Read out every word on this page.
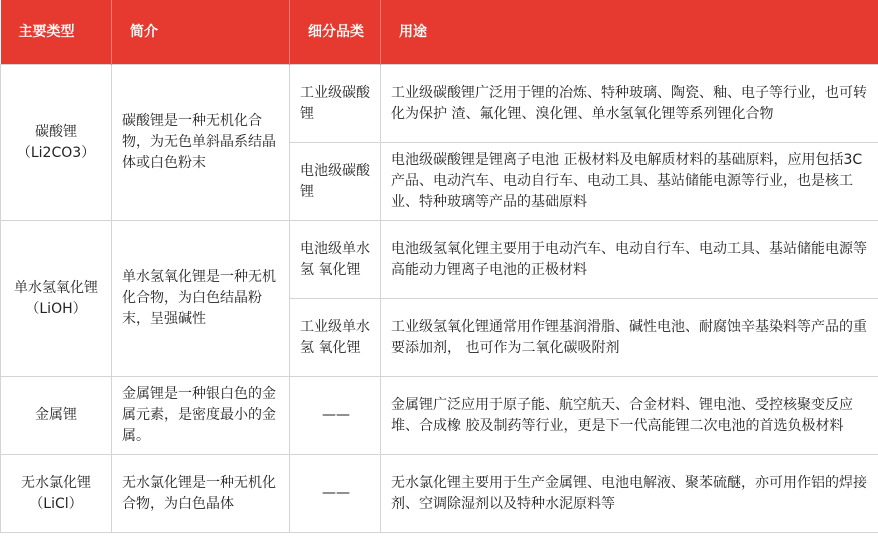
主要类型	简介	细分品类	用途
碳酸锂（Li2CO3）	碳酸锂是一种无机化合物，为无色单斜晶系结晶体或白色粉末	工业级碳酸锂	工业级碳酸锂广泛用于锂的冶炼、特种玻璃、陶瓷、釉、电子等行业，也可转化为保护 渣、氟化锂、溴化锂、单水氢氧化锂等系列锂化合物
		电池级碳酸锂	电池级碳酸锂是锂离子电池 正极材料及电解质材料的基础原料，应用包括3C产品、电动汽车、电动自行车、电动工具、基站储能电源等行业，也是核工业、特种玻璃等产品的基础原料
单水氢氧化锂（LiOH）	单水氢氧化锂是一种无机化合物，为白色结晶粉末，呈强碱性	电池级单水氢 氧化锂	电池级氢氧化锂主要用于电动汽车、电动自行车、电动工具、基站储能电源等高能动力锂离子电池的正极材料
		工业级单水氢 氧化锂	工业级氢氧化锂通常用作锂基润滑脂、碱性电池、耐腐蚀辛基染料等产品的重要添加剂， 也可作为二氧化碳吸附剂
金属锂	金属锂是一种银白色的金属元素，是密度最小的金属。	——	金属锂广泛应用于原子能、航空航天、合金材料、锂电池、受控核聚变反应堆、合成橡 胶及制药等行业，更是下一代高能锂二次电池的首选负极材料
无水氯化锂（LiCl）	无水氯化锂是一种无机化合物，为白色晶体	——	无水氯化锂主要用于生产金属锂、电池电解液、聚苯硫醚，亦可用作铝的焊接剂、空调除湿剂以及特种水泥原料等
